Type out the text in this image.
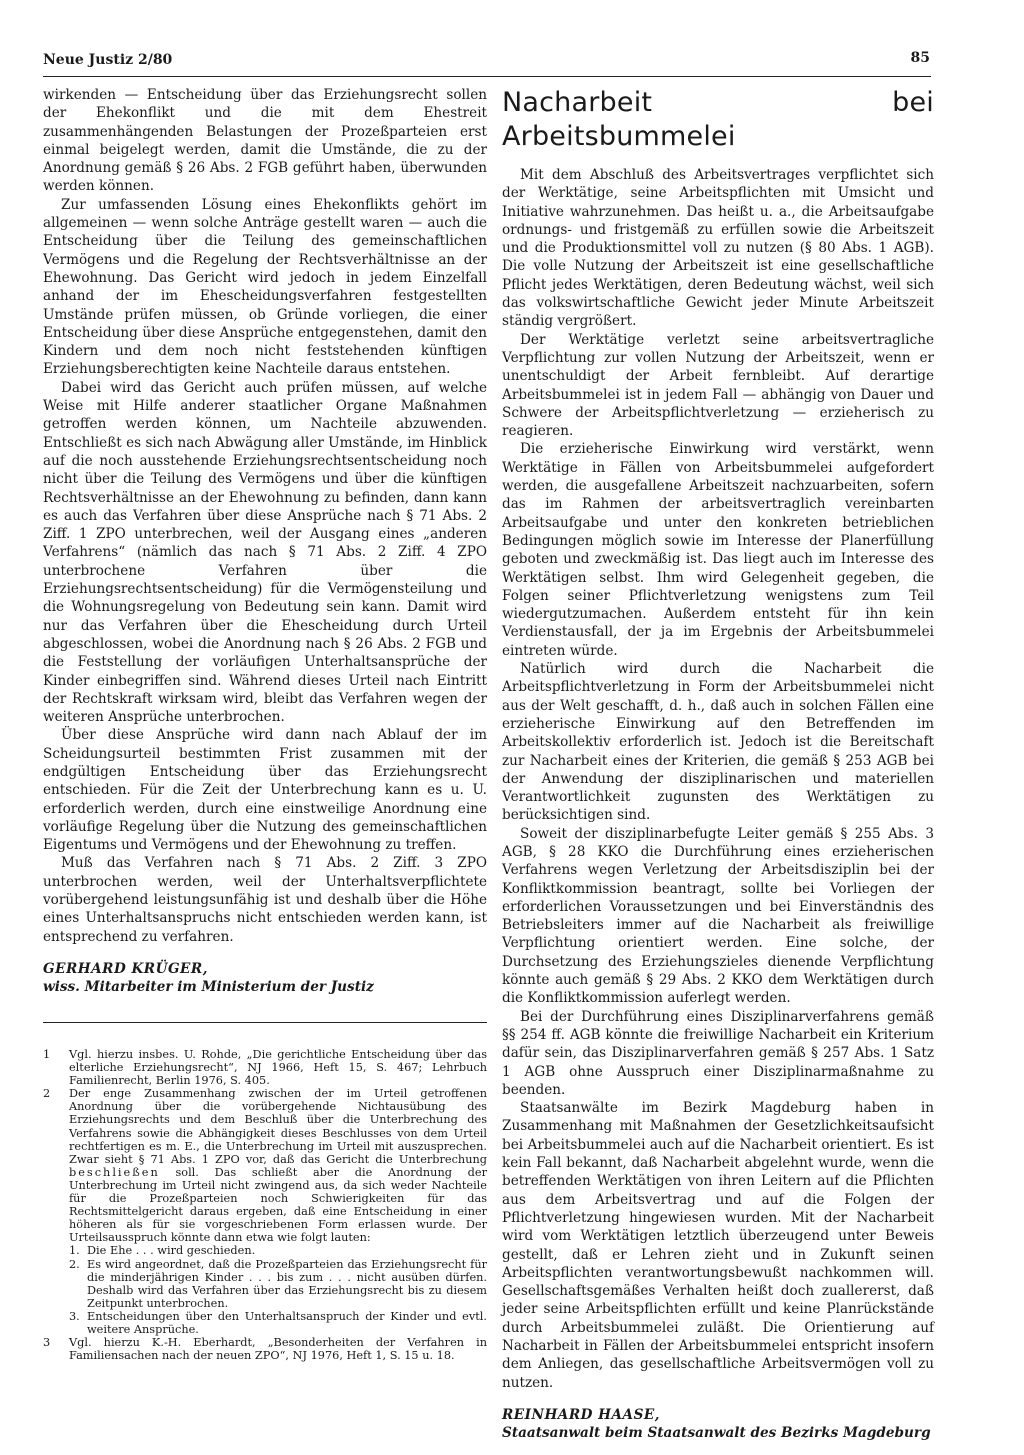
Neue Justiz 2/80	85

wirkenden — Entscheidung über das Erziehungsrecht sollen der Ehekonflikt und die mit dem Ehestreit zusammenhängenden Belastungen der Prozeßparteien erst einmal beigelegt werden, damit die Umstände, die zu der Anordnung gemäß § 26 Abs. 2 FGB geführt haben, überwunden werden können.

Zur umfassenden Lösung eines Ehekonflikts gehört im allgemeinen — wenn solche Anträge gestellt waren — auch die Entscheidung über die Teilung des gemeinschaftlichen Vermögens und die Regelung der Rechtsverhältnisse an der Ehewohnung. Das Gericht wird jedoch in jedem Einzelfall anhand der im Ehescheidungsverfahren festgestellten Umstände prüfen müssen, ob Gründe vorliegen, die einer Entscheidung über diese Ansprüche entgegenstehen, damit den Kindern und dem noch nicht feststehenden künftigen Erziehungsberechtigten keine Nachteile daraus entstehen.

Dabei wird das Gericht auch prüfen müssen, auf welche Weise mit Hilfe anderer staatlicher Organe Maßnahmen getroffen werden können, um Nachteile abzuwenden. Entschließt es sich nach Abwägung aller Umstände, im Hinblick auf die noch ausstehende Erziehungsrechtsentscheidung noch nicht über die Teilung des Vermögens und über die künftigen Rechtsverhältnisse an der Ehewohnung zu befinden, dann kann es auch das Verfahren über diese Ansprüche nach § 71 Abs. 2 Ziff. 1 ZPO unterbrechen, weil der Ausgang eines „anderen Verfahrens“ (nämlich das nach § 71 Abs. 2 Ziff. 4 ZPO unterbrochene Verfahren über die Erziehungsrechtsentscheidung) für die Vermögensteilung und die Wohnungsregelung von Bedeutung sein kann. Damit wird nur das Verfahren über die Ehescheidung durch Urteil abgeschlossen, wobei die Anordnung nach § 26 Abs. 2 FGB und die Feststellung der vorläufigen Unterhaltsansprüche der Kinder einbegriffen sind. Während dieses Urteil nach Eintritt der Rechtskraft wirksam wird, bleibt das Verfahren wegen der weiteren Ansprüche unterbrochen.

Über diese Ansprüche wird dann nach Ablauf der im Scheidungsurteil bestimmten Frist zusammen mit der endgültigen Entscheidung über das Erziehungsrecht entschieden. Für die Zeit der Unterbrechung kann es u. U. erforderlich werden, durch eine einstweilige Anordnung eine vorläufige Regelung über die Nutzung des gemeinschaftlichen Eigentums und Vermögens und der Ehewohnung zu treffen.

Muß das Verfahren nach § 71 Abs. 2 Ziff. 3 ZPO unterbrochen werden, weil der Unterhaltsverpflichtete vorübergehend leistungsunfähig ist und deshalb über die Höhe eines Unterhaltsanspruchs nicht entschieden werden kann, ist entsprechend zu verfahren.

GERHARD KRÜGER,
wiss. Mitarbeiter im Ministerium der Justiz
1	Vgl. hierzu insbes. U. Rohde, „Die gerichtliche Entscheidung über das elterliche Erziehungsrecht“, NJ 1966, Heft 15, S. 467; Lehrbuch Familienrecht, Berlin 1976, S. 405.
2	Der enge Zusammenhang zwischen der im Urteil getroffenen Anordnung über die vorübergehende Nichtausübung des Erziehungsrechts und dem Beschluß über die Unterbrechung des Verfahrens sowie die Abhängigkeit dieses Beschlusses von dem Urteil rechtfertigen es m. E., die Unterbrechung im Urteil mit auszusprechen. Zwar sieht § 71 Abs. 1 ZPO vor, daß das Gericht die Unterbrechung beschließen soll. Das schließt aber die Anordnung der Unterbrechung im Urteil nicht zwingend aus, da sich weder Nachteile für die Prozeßparteien noch Schwierigkeiten für das Rechtsmittelgericht daraus ergeben, daß eine Entscheidung in einer höheren als für sie vorgeschriebenen Form erlassen wurde. Der Urteilsausspruch könnte dann etwa wie folgt lauten:
1. Die Ehe . . . wird geschieden.
2. Es wird angeordnet, daß die Prozeßparteien das Erziehungsrecht für die minderjährigen Kinder . . . bis zum . . . nicht ausüben dürfen. Deshalb wird das Verfahren über das Erziehungsrecht bis zu diesem Zeitpunkt unterbrochen.
3. Entscheidungen über den Unterhaltsanspruch der Kinder und evtl. weitere Ansprüche.
3	Vgl. hierzu K.-H. Eberhardt, „Besonderheiten der Verfahren in Familiensachen nach der neuen ZPO“, NJ 1976, Heft 1, S. 15 u. 18.
Nacharbeit bei Arbeitsbummelei

Mit dem Abschluß des Arbeitsvertrages verpflichtet sich der Werktätige, seine Arbeitspflichten mit Umsicht und Initiative wahrzunehmen. Das heißt u. a., die Arbeitsaufgabe ordnungs- und fristgemäß zu erfüllen sowie die Arbeitszeit und die Produktionsmittel voll zu nutzen (§ 80 Abs. 1 AGB). Die volle Nutzung der Arbeitszeit ist eine gesellschaftliche Pflicht jedes Werktätigen, deren Bedeutung wächst, weil sich das volkswirtschaftliche Gewicht jeder Minute Arbeitszeit ständig vergrößert.

Der Werktätige verletzt seine arbeitsvertragliche Verpflichtung zur vollen Nutzung der Arbeitszeit, wenn er unentschuldigt der Arbeit fernbleibt. Auf derartige Arbeitsbummelei ist in jedem Fall — abhängig von Dauer und Schwere der Arbeitspflichtverletzung — erzieherisch zu reagieren.

Die erzieherische Einwirkung wird verstärkt, wenn Werktätige in Fällen von Arbeitsbummelei aufgefordert werden, die ausgefallene Arbeitszeit nachzuarbeiten, sofern das im Rahmen der arbeitsvertraglich vereinbarten Arbeitsaufgabe und unter den konkreten betrieblichen Bedingungen möglich sowie im Interesse der Planerfüllung geboten und zweckmäßig ist. Das liegt auch im Interesse des Werktätigen selbst. Ihm wird Gelegenheit gegeben, die Folgen seiner Pflichtverletzung wenigstens zum Teil wiedergutzumachen. Außerdem entsteht für ihn kein Verdienstausfall, der ja im Ergebnis der Arbeitsbummelei eintreten würde.

Natürlich wird durch die Nacharbeit die Arbeitspflichtverletzung in Form der Arbeitsbummelei nicht aus der Welt geschafft, d. h., daß auch in solchen Fällen eine erzieherische Einwirkung auf den Betreffenden im Arbeitskollektiv erforderlich ist. Jedoch ist die Bereitschaft zur Nacharbeit eines der Kriterien, die gemäß § 253 AGB bei der Anwendung der disziplinarischen und materiellen Verantwortlichkeit zugunsten des Werktätigen zu berücksichtigen sind.

Soweit der disziplinarbefugte Leiter gemäß § 255 Abs. 3 AGB, § 28 KKO die Durchführung eines erzieherischen Verfahrens wegen Verletzung der Arbeitsdisziplin bei der Konfliktkommission beantragt, sollte bei Vorliegen der erforderlichen Voraussetzungen und bei Einverständnis des Betriebsleiters immer auf die Nacharbeit als freiwillige Verpflichtung orientiert werden. Eine solche, der Durchsetzung des Erziehungszieles dienende Verpflichtung könnte auch gemäß § 29 Abs. 2 KKO dem Werktätigen durch die Konfliktkommission auferlegt werden.

Bei der Durchführung eines Disziplinarverfahrens gemäß §§ 254 ff. AGB könnte die freiwillige Nacharbeit ein Kriterium dafür sein, das Disziplinarverfahren gemäß § 257 Abs. 1 Satz 1 AGB ohne Ausspruch einer Disziplinarmaßnahme zu beenden.

Staatsanwälte im Bezirk Magdeburg haben in Zusammenhang mit Maßnahmen der Gesetzlichkeitsaufsicht bei Arbeitsbummelei auch auf die Nacharbeit orientiert. Es ist kein Fall bekannt, daß Nacharbeit abgelehnt wurde, wenn die betreffenden Werktätigen von ihren Leitern auf die Pflichten aus dem Arbeitsvertrag und auf die Folgen der Pflichtverletzung hingewiesen wurden. Mit der Nacharbeit wird vom Werktätigen letztlich überzeugend unter Beweis gestellt, daß er Lehren zieht und in Zukunft seinen Arbeitspflichten verantwortungsbewußt nachkommen will. Gesellschaftsgemäßes Verhalten heißt doch zuallererst, daß jeder seine Arbeitspflichten erfüllt und keine Planrückstände durch Arbeitsbummelei zuläßt. Die Orientierung auf Nacharbeit in Fällen der Arbeitsbummelei entspricht insofern dem Anliegen, das gesellschaftliche Arbeitsvermögen voll zu nutzen.

REINHARD HAASE,
Staatsanwalt beim Staatsanwalt des Bezirks Magdeburg
